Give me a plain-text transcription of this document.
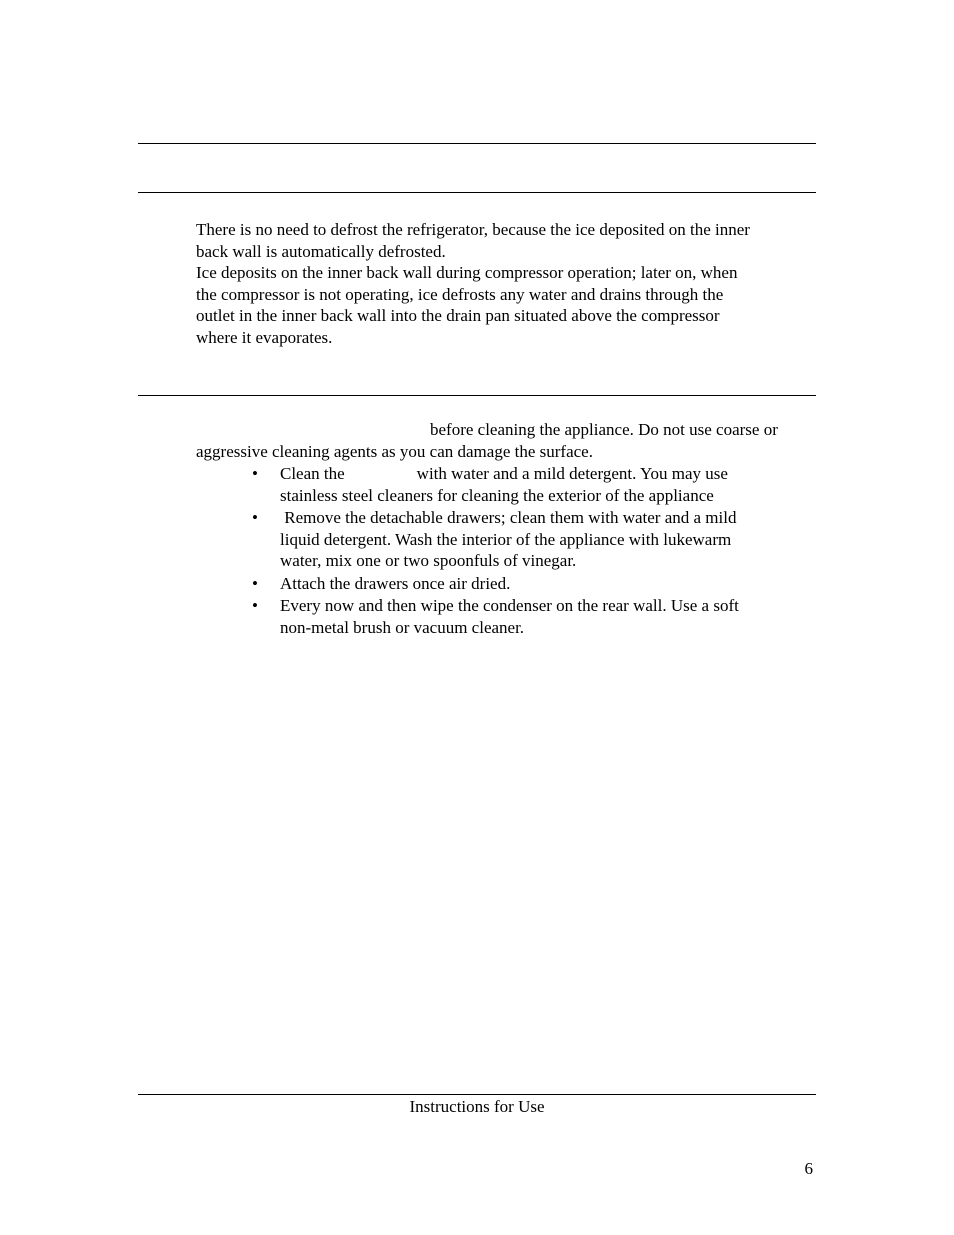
There is no need to defrost the refrigerator, because the ice deposited on the inner
back wall is automatically defrosted.
Ice deposits on the inner back wall during compressor operation; later on, when
the compressor is not operating, ice defrosts any water and drains through the
outlet in the inner back wall into the drain pan situated above the compressor
where it evaporates.

before cleaning the appliance. Do not use coarse or
aggressive cleaning agents as you can damage the surface.

• Clean the	with water and a mild detergent. You may use
stainless steel cleaners for cleaning the exterior of the appliance
• Remove the detachable drawers; clean them with water and a mild
liquid detergent. Wash the interior of the appliance with lukewarm
water, mix one or two spoonfuls of vinegar.
• Attach the drawers once air dried.
• Every now and then wipe the condenser on the rear wall. Use a soft
non-metal brush or vacuum cleaner.
Instructions for Use
6
